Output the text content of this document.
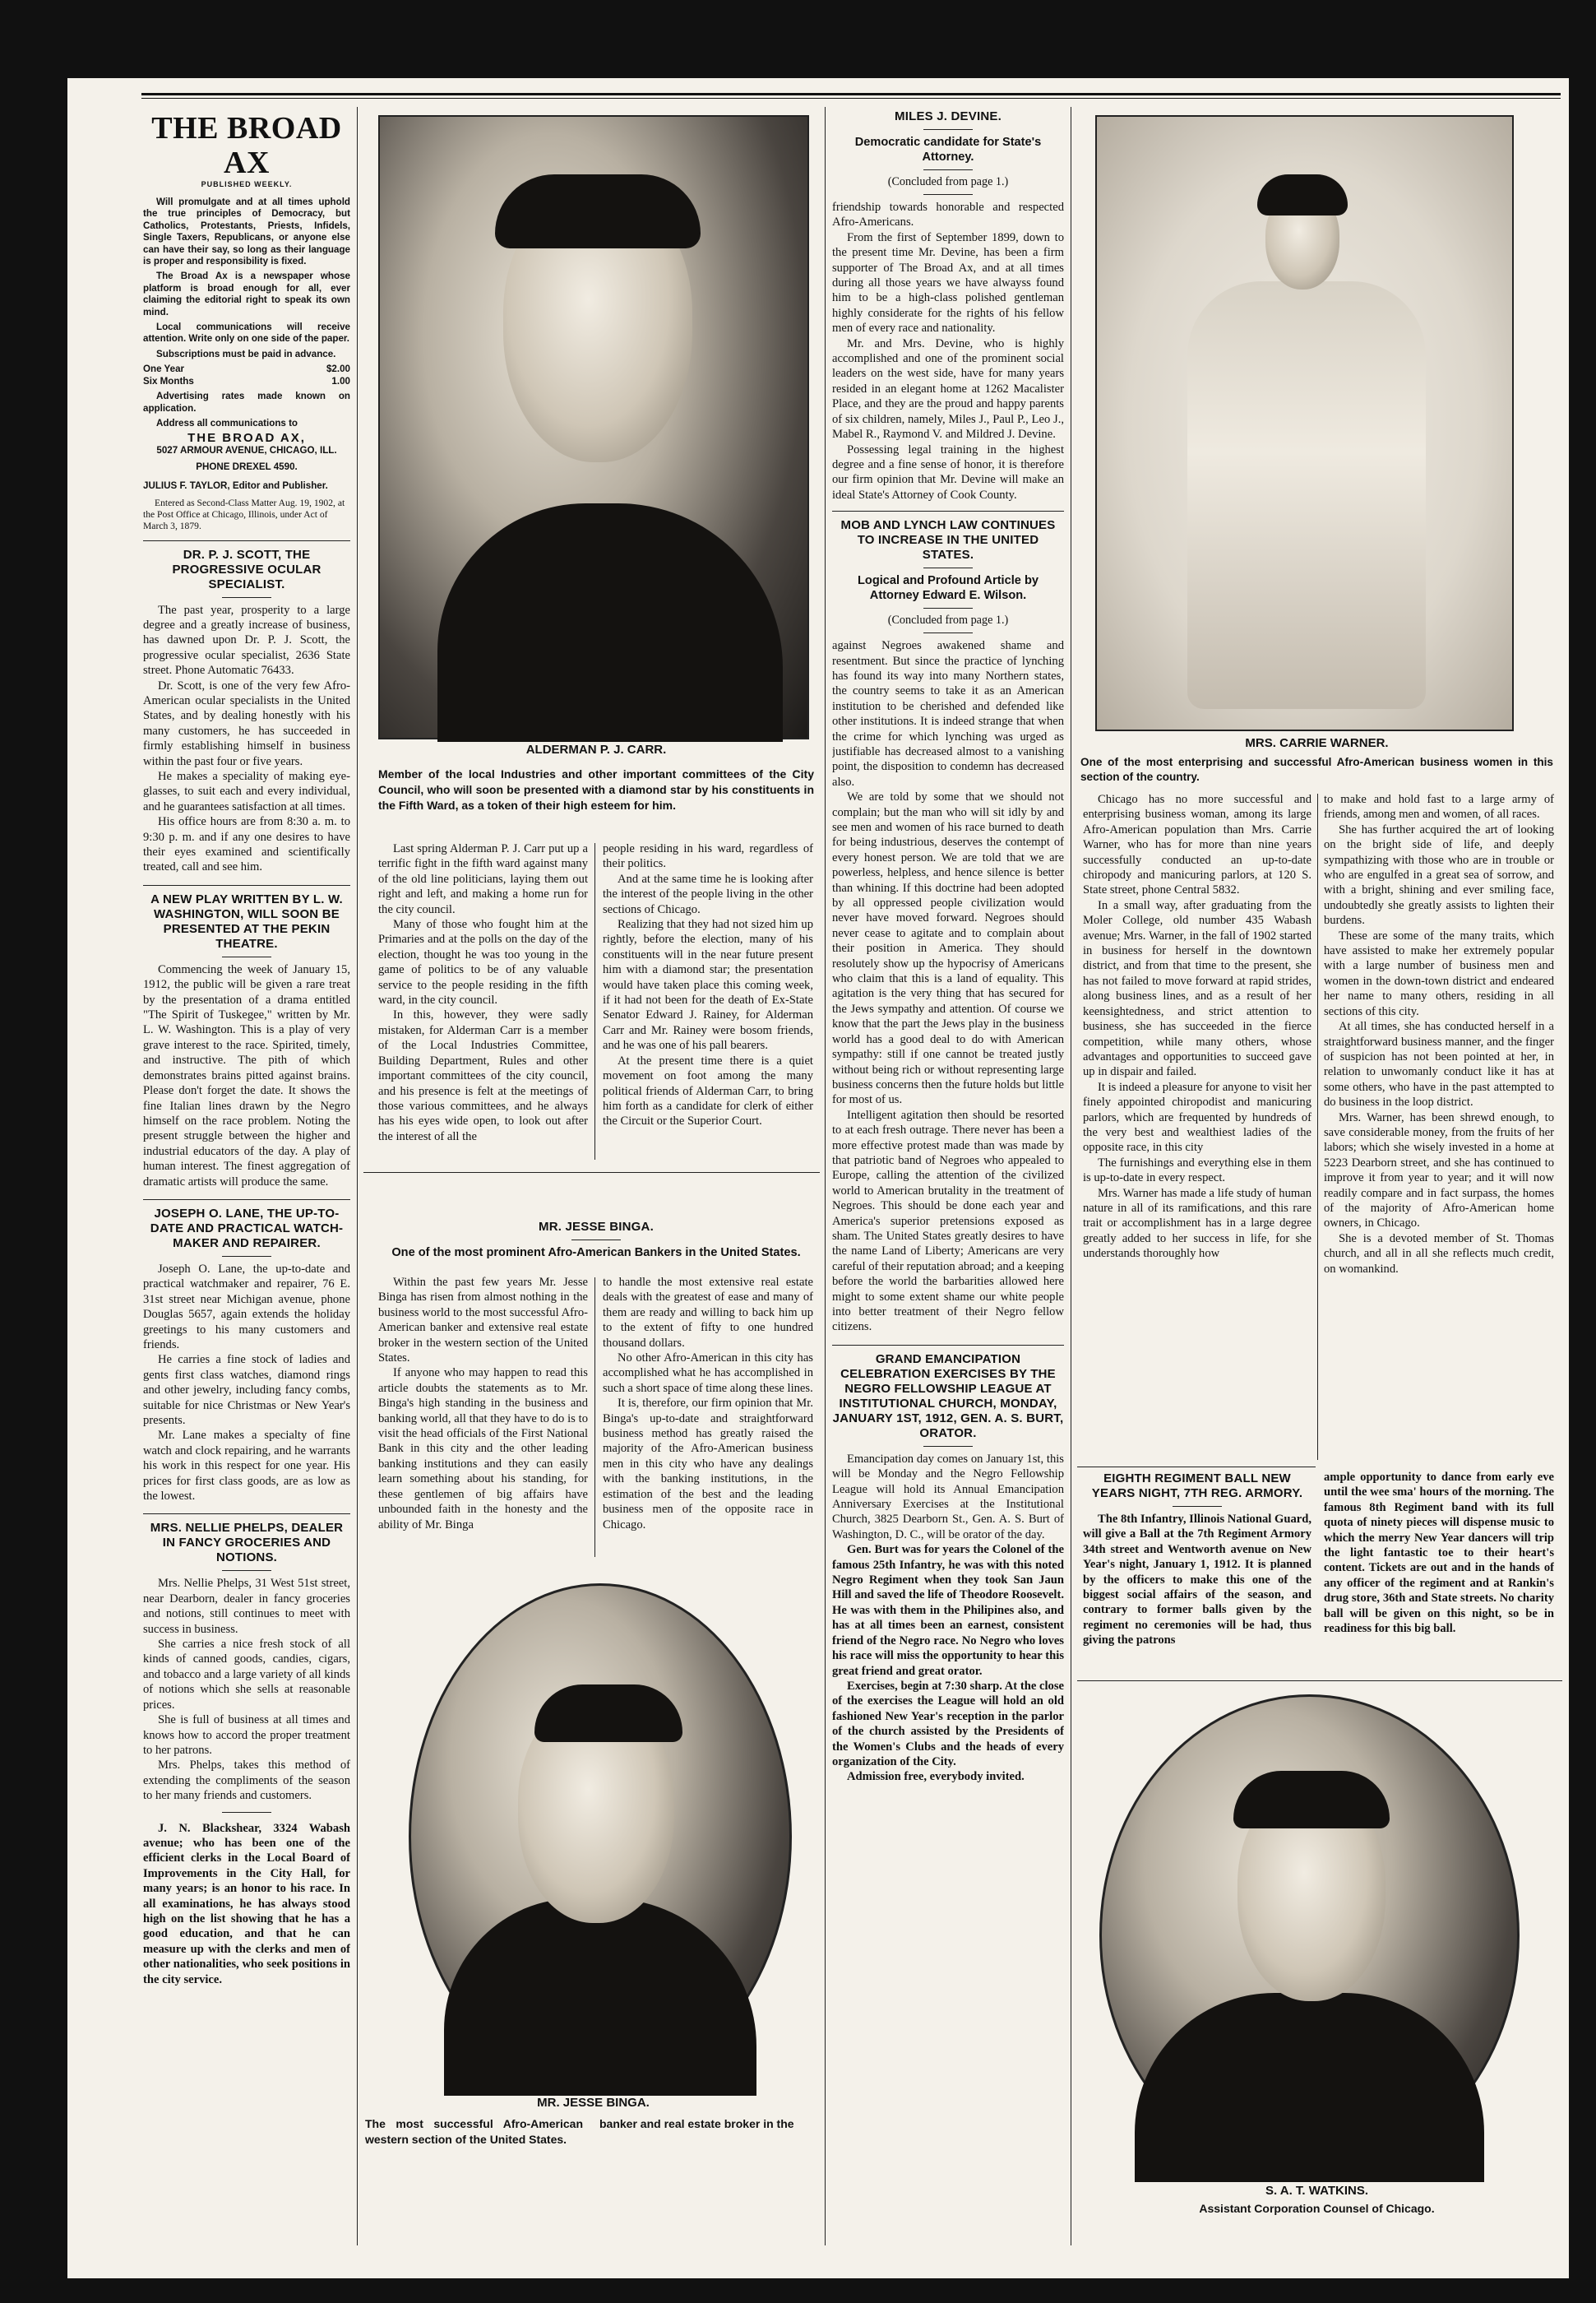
THE BROAD AX
PUBLISHED WEEKLY.

Will promulgate and at all times uphold the true principles of Democracy, but Catholics, Protestants, Priests, Infidels, Single Taxers, Republicans, or anyone else can have their say, so long as their language is proper and responsibility is fixed.

The Broad Ax is a newspaper whose platform is broad enough for all, ever claiming the editorial right to speak its own mind.

Local communications will receive attention. Write only on one side of the paper.

Subscriptions must be paid in advance.

One Year	$2.00
Six Months	1.00

Advertising rates made known on application.

Address all communications to

THE BROAD AX,

5027 ARMOUR AVENUE, CHICAGO, ILL.

PHONE DREXEL 4590.

JULIUS F. TAYLOR, Editor and Publisher.

Entered as Second-Class Matter Aug. 19, 1902, at the Post Office at Chicago, Illinois, under Act of March 3, 1879.

DR. P. J. SCOTT, THE PROGRESSIVE OCULAR SPECIALIST.

The past year, prosperity to a large degree and a greatly increase of business, has dawned upon Dr. P. J. Scott, the progressive ocular specialist, 2636 State street. Phone Automatic 76433.

Dr. Scott, is one of the very few Afro-American ocular specialists in the United States, and by dealing honestly with his many customers, he has succeeded in firmly establishing himself in business within the past four or five years.

He makes a speciality of making eye-glasses, to suit each and every individual, and he guarantees satisfaction at all times.

His office hours are from 8:30 a. m. to 9:30 p. m. and if any one desires to have their eyes examined and scientifically treated, call and see him.

A NEW PLAY WRITTEN BY L. W. WASHINGTON, WILL SOON BE PRESENTED AT THE PEKIN THEATRE.

Commencing the week of January 15, 1912, the public will be given a rare treat by the presentation of a drama entitled "The Spirit of Tuskegee," written by Mr. L. W. Washington. This is a play of very grave interest to the race. Spirited, timely, and instructive. The pith of which demonstrates brains pitted against brains. Please don't forget the date. It shows the fine Italian lines drawn by the Negro himself on the race problem. Noting the present struggle between the higher and industrial educators of the day. A play of human interest. The finest aggregation of dramatic artists will produce the same.

JOSEPH O. LANE, THE UP-TO-DATE AND PRACTICAL WATCH-MAKER AND REPAIRER.

Joseph O. Lane, the up-to-date and practical watchmaker and repairer, 76 E. 31st street near Michigan avenue, phone Douglas 5657, again extends the holiday greetings to his many customers and friends.

He carries a fine stock of ladies and gents first class watches, diamond rings and other jewelry, including fancy combs, suitable for nice Christmas or New Year's presents.

Mr. Lane makes a specialty of fine watch and clock repairing, and he warrants his work in this respect for one year. His prices for first class goods, are as low as the lowest.

MRS. NELLIE PHELPS, DEALER IN FANCY GROCERIES AND NOTIONS.

Mrs. Nellie Phelps, 31 West 51st street, near Dearborn, dealer in fancy groceries and notions, still continues to meet with success in business.

She carries a nice fresh stock of all kinds of canned goods, candies, cigars, and tobacco and a large variety of all kinds of notions which she sells at reasonable prices.

She is full of business at all times and knows how to accord the proper treatment to her patrons.

Mrs. Phelps, takes this method of extending the compliments of the season to her many friends and customers.

J. N. Blackshear, 3324 Wabash avenue; who has been one of the efficient clerks in the Local Board of Improvements in the City Hall, for many years; is an honor to his race. In all examinations, he has always stood high on the list showing that he has a good education, and that he can measure up with the clerks and men of other nationalities, who seek positions in the city service.

ALDERMAN P. J. CARR.

Member of the local Industries and other important committees of the City Council, who will soon be presented with a diamond star by his constituents in the Fifth Ward, as a token of their high esteem for him.

Last spring Alderman P. J. Carr put up a terrific fight in the fifth ward against many of the old line politicians, laying them out right and left, and making a home run for the city council.

Many of those who fought him at the Primaries and at the polls on the day of the election, thought he was too young in the game of politics to be of any valuable service to the people residing in the fifth ward, in the city council.

In this, however, they were sadly mistaken, for Alderman Carr is a member of the Local Industries Committee, Building Department, Rules and other important committees of the city council, and his presence is felt at the meetings of those various committees, and he always has his eyes wide open, to look out after the interest of all the

people residing in his ward, regardless of their politics.

And at the same time he is looking after the interest of the people living in the other sections of Chicago.

Realizing that they had not sized him up rightly, before the election, many of his constituents will in the near future present him with a diamond star; the presentation would have taken place this coming week, if it had not been for the death of Ex-State Senator Edward J. Rainey, for Alderman Carr and Mr. Rainey were bosom friends, and he was one of his pall bearers.

At the present time there is a quiet movement on foot among the many political friends of Alderman Carr, to bring him forth as a candidate for clerk of either the Circuit or the Superior Court.

MR. JESSE BINGA.

One of the most prominent Afro-American Bankers in the United States.

Within the past few years Mr. Jesse Binga has risen from almost nothing in the business world to the most successful Afro-American banker and extensive real estate broker in the western section of the United States.

If anyone who may happen to read this article doubts the statements as to Mr. Binga's high standing in the business and banking world, all that they have to do is to visit the head officials of the First National Bank in this city and the other leading banking institutions and they can easily learn something about his standing, for these gentlemen of big affairs have unbounded faith in the honesty and the ability of Mr. Binga

to handle the most extensive real estate deals with the greatest of ease and many of them are ready and willing to back him up to the extent of fifty to one hundred thousand dollars.

No other Afro-American in this city has accomplished what he has accomplished in such a short space of time along these lines.

It is, therefore, our firm opinion that Mr. Binga's up-to-date and straightforward business method has greatly raised the majority of the Afro-American business men in this city who have any dealings with the banking institutions, in the estimation of the best and the leading business men of the opposite race in Chicago.

MR. JESSE BINGA.

The most successful Afro-American western section of the United States.

banker and real estate broker in the

MILES J. DEVINE.

Democratic candidate for State's Attorney.

(Concluded from page 1.)

friendship towards honorable and respected Afro-Americans.

From the first of September 1899, down to the present time Mr. Devine, has been a firm supporter of The Broad Ax, and at all times during all those years we have alwayss found him to be a high-class polished gentleman highly considerate for the rights of his fellow men of every race and nationality.

Mr. and Mrs. Devine, who is highly accomplished and one of the prominent social leaders on the west side, have for many years resided in an elegant home at 1262 Macalister Place, and they are the proud and happy parents of six children, namely, Miles J., Paul P., Leo J., Mabel R., Raymond V. and Mildred J. Devine.

Possessing legal training in the highest degree and a fine sense of honor, it is therefore our firm opinion that Mr. Devine will make an ideal State's Attorney of Cook County.

MOB AND LYNCH LAW CONTINUES TO INCREASE IN THE UNITED STATES.

Logical and Profound Article by Attorney Edward E. Wilson.

(Concluded from page 1.)

against Negroes awakened shame and resentment. But since the practice of lynching has found its way into many Northern states, the country seems to take it as an American institution to be cherished and defended like other institutions. It is indeed strange that when the crime for which lynching was urged as justifiable has decreased almost to a vanishing point, the disposition to condemn has decreased also.

We are told by some that we should not complain; but the man who will sit idly by and see men and women of his race burned to death for being industrious, deserves the contempt of every honest person. We are told that we are powerless, helpless, and hence silence is better than whining. If this doctrine had been adopted by all oppressed people civilization would never have moved forward. Negroes should never cease to agitate and to complain about their position in America. They should resolutely show up the hypocrisy of Americans who claim that this is a land of equality. This agitation is the very thing that has secured for the Jews sympathy and attention. Of course we know that the part the Jews play in the business world has a good deal to do with American sympathy: still if one cannot be treated justly without being rich or without representing large business concerns then the future holds but little for most of us.

Intelligent agitation then should be resorted to at each fresh outrage. There never has been a more effective protest made than was made by that patriotic band of Negroes who appealed to Europe, calling the attention of the civilized world to American brutality in the treatment of Negroes. This should be done each year and America's superior pretensions exposed as sham. The United States greatly desires to have the name Land of Liberty; Americans are very careful of their reputation abroad; and a keeping before the world the barbarities allowed here might to some extent shame our white people into better treatment of their Negro fellow citizens.

GRAND EMANCIPATION CELEBRATION EXERCISES BY THE NEGRO FELLOWSHIP LEAGUE AT INSTITUTIONAL CHURCH, MONDAY, JANUARY 1ST, 1912, GEN. A. S. BURT, ORATOR.

Emancipation day comes on January 1st, this will be Monday and the Negro Fellowship League will hold its Annual Emancipation Anniversary Exercises at the Institutional Church, 3825 Dearborn St., Gen. A. S. Burt of Washington, D. C., will be orator of the day.

Gen. Burt was for years the Colonel of the famous 25th Infantry, he was with this noted Negro Regiment when they took San Jaun Hill and saved the life of Theodore Roosevelt. He was with them in the Philipines also, and has at all times been an earnest, consistent friend of the Negro race. No Negro who loves his race will miss the opportunity to hear this great friend and great orator.

Exercises, begin at 7:30 sharp. At the close of the exercises the League will hold an old fashioned New Year's reception in the parlor of the church assisted by the Presidents of the Women's Clubs and the heads of every organization of the City.

Admission free, everybody invited.

MRS. CARRIE WARNER.

One of the most enterprising and successful Afro-American business women in this section of the country.

Chicago has no more successful and enterprising business woman, among its large Afro-American population than Mrs. Carrie Warner, who has for more than nine years successfully conducted an up-to-date chiropody and manicuring parlors, at 120 S. State street, phone Central 5832.

In a small way, after graduating from the Moler College, old number 435 Wabash avenue; Mrs. Warner, in the fall of 1902 started in business for herself in the downtown district, and from that time to the present, she has not failed to move forward at rapid strides, along business lines, and as a result of her keensightedness, and strict attention to business, she has succeeded in the fierce competition, while many others, whose advantages and opportunities to succeed gave up in dispair and failed.

It is indeed a pleasure for anyone to visit her finely appointed chiropodist and manicuring parlors, which are frequented by hundreds of the very best and wealthiest ladies of the opposite race, in this city

The furnishings and everything else in them is up-to-date in every respect.

Mrs. Warner has made a life study of human nature in all of its ramifications, and this rare trait or accomplishment has in a large degree greatly added to her success in life, for she understands thoroughly how

to make and hold fast to a large army of friends, among men and women, of all races.

She has further acquired the art of looking on the bright side of life, and deeply sympathizing with those who are in trouble or who are engulfed in a great sea of sorrow, and with a bright, shining and ever smiling face, undoubtedly she greatly assists to lighten their burdens.

These are some of the many traits, which have assisted to make her extremely popular with a large number of business men and women in the down-town district and endeared her name to many others, residing in all sections of this city.

At all times, she has conducted herself in a straightforward business manner, and the finger of suspicion has not been pointed at her, in relation to unwomanly conduct like it has at some others, who have in the past attempted to do business in the loop district.

Mrs. Warner, has been shrewd enough, to save considerable money, from the fruits of her labors; which she wisely invested in a home at 5223 Dearborn street, and she has continued to improve it from year to year; and it will now readily compare and in fact surpass, the homes of the majority of Afro-American home owners, in Chicago.

She is a devoted member of St. Thomas church, and all in all she reflects much credit, on womankind.

EIGHTH REGIMENT BALL NEW YEARS NIGHT, 7TH REG. ARMORY.

The 8th Infantry, Illinois National Guard, will give a Ball at the 7th Regiment Armory 34th street and Wentworth avenue on New Year's night, January 1, 1912. It is planned by the officers to make this one of the biggest social affairs of the season, and contrary to former balls given by the regiment no ceremonies will be had, thus giving the patrons

ample opportunity to dance from early eve until the wee sma' hours of the morning. The famous 8th Regiment band with its full quota of ninety pieces will dispense music to which the merry New Year dancers will trip the light fantastic toe to their heart's content. Tickets are out and in the hands of any officer of the regiment and at Rankin's drug store, 36th and State streets. No charity ball will be given on this night, so be in readiness for this big ball.

S. A. T. WATKINS.

Assistant Corporation Counsel of Chicago.
